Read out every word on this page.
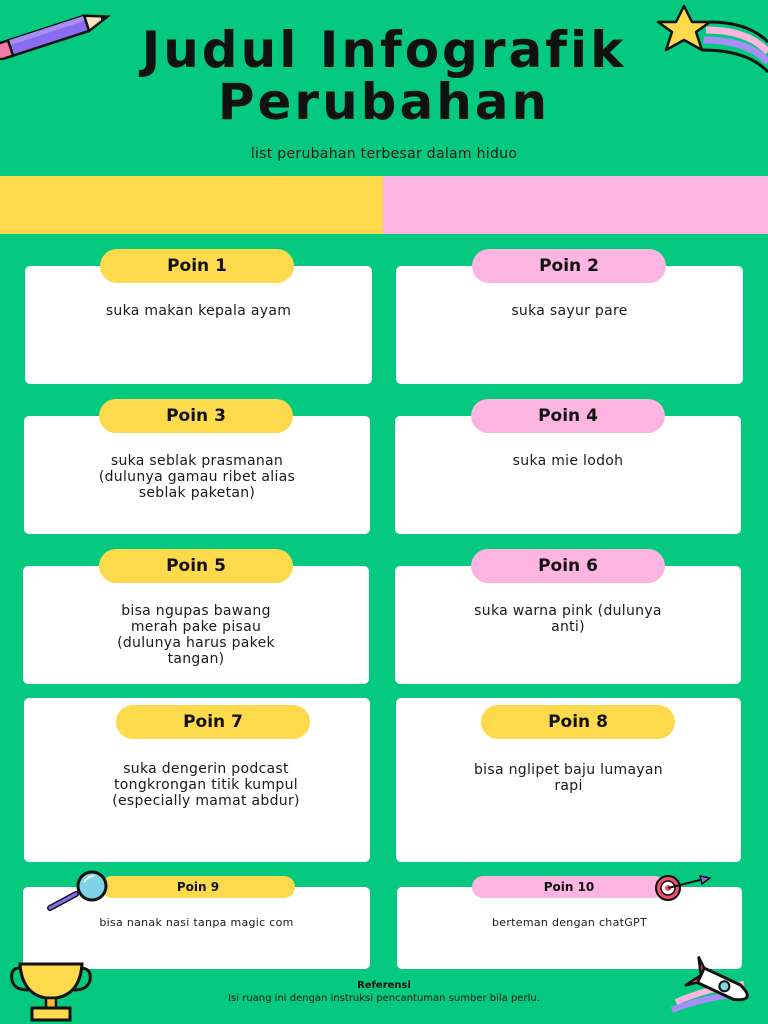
Judul Infografik
Perubahan
list perubahan terbesar dalam hiduo
Poin 1
suka makan kepala ayam
Poin 2
suka sayur pare
Poin 3
suka seblak prasmanan
(dulunya gamau ribet alias
seblak paketan)
Poin 4
suka mie lodoh
Poin 5
bisa ngupas bawang
merah pake pisau
(dulunya harus pakek
tangan)
Poin 6
suka warna pink (dulunya
anti)
Poin 7
suka dengerin podcast
tongkrongan titik kumpul
(especially mamat abdur)
Poin 8
bisa nglipet baju lumayan
rapi
Poin 9
bisa nanak nasi tanpa magic com
Poin 10
berteman dengan chatGPT
Referensi
Isi ruang ini dengan instruksi pencantuman sumber bila perlu.
